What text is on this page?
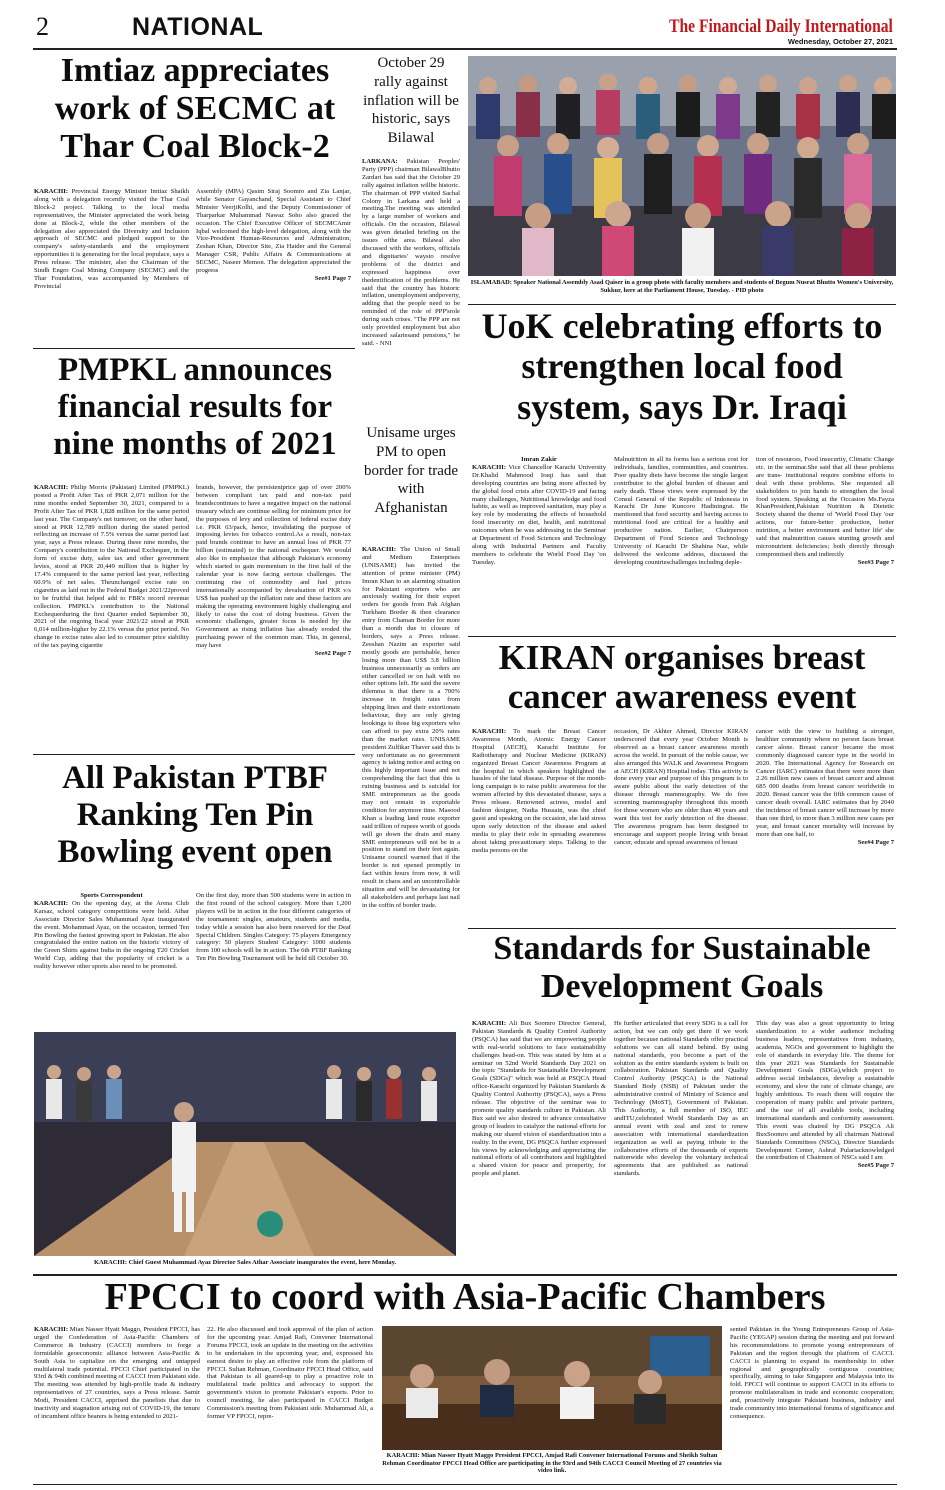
2	NATIONAL	The Financial Daily International
Wednesday, October 27, 2021
Imtiaz appreciates work of SECMC at Thar Coal Block-2
KARACHI: Provincial Energy Minister Imtiaz Shaikh along with a delegation recently visited the Thar Coal Block-2 project. Talking to the local media representatives, the Minister appreciated the work being done at Block-2, while the other members of the delegation also appreciated the Diversity and Inclusion approach of SECMC and pledged support to the company's safety-standards and the employment opportunities it is generating for the local populace, says a Press release. The minister, also the Chairman of the Sindh Engro Coal Mining Company (SECMC) and the Thar Foundation, was accompanied by Members of Provincial
Assembly (MPA) Qasim Siraj Soomro and Zia Lanjar, while Senator Gayanchand, Special Assistant to Chief Minister VeerjiKolhi, and the Deputy Commissioner of Tharparkar Muhammad Nawaz Soho also graced the occasion. The Chief Executive Officer of SECMCAmir Iqbal welcomed the high-level delegation, along with the Vice-President Human-Resources and Administration, Zeshan Khan, Director Site, Zia Haider and the General Manager CSR, Public Affairs & Communications at SECMC, Naseer Memon. The delegation appreciated the progress
See#1 Page 7
October 29 rally against inflation will be historic, says Bilawal
LARKANA: Pakistan Peoples' Party (PPP) chairman BilawalBhutto Zardari has said that the October 29 rally against inflation willbe historic. The chairman of PPP visited Sachal Colony in Larkana and held a meeting.The meeting was attended by a large number of workers and officials. On the occasion, Bilawal was given detailed briefing on the issues ofthe area. Bilawal also discussed with the workers, officials and dignitaries' waysto resolve problems of the district and expressed happiness over thedentification of the problems. He said that the country has historic inflation, unemployment andpoverty, adding that the people need to be reminded of the role of PPP'srole during such crises. "The PPP are not only provided employment but also increased salariesand pensions," he said. - NNI
Unisame urges PM to open border for trade with Afghanistan
KARACHI: The Union of Small and Medium Enterprises (UNISAME) has invited the attention of prime minister (PM) Imran Khan to an alarming situation for Pakistani exporters who are anxiously waiting for their export orders for goods from Pak Afghan Turkham Border & then clearance entry from Chaman Border for more than a month due to closure of borders, says a Press release. Zeeshan Nazim an exporter said mostly goods are perishable, hence losing more than US$ 3.8 billion business unnecessarily as orders are either cancelled or on halt with no other options left. He said the severe dilemma is that there is a 700% increase in freight rates from shipping lines and their extortionate behaviour, they are only giving bookings to those big exporters who can afford to pay extra 20% rates than the market rates. UNISAME president Zulfikar Thaver said this is very unfortunate as no government agency is taking notice and acting on this highly important issue and not comprehending the fact that this is ruining business and is suicidal for SME entrepreneurs as the goods may not remain in exportable condition for anymore time. Masood Khan a leading land route exporter said trillion of rupees worth of goods will go down the drain and many SME entrepreneurs will not be in a position to stand on their feet again. Unisame council warned that if the border is not opened promptly in fact within hours from now, it will result in chaos and an uncontrollable situation and will be devastating for all stakeholders and perhaps last nail in the coffin of border trade.
ISLAMABAD: Speaker National Assembly Asad Qaiser in a group photo with faculty members and students of Begum Nusrat Bhutto Women's University, Sukkur, here at the Parliament House, Tuesday. - PID photo
PMPKL announces financial results for nine months of 2021
KARACHI: Philip Morris (Pakistan) Limited (PMPKL) posted a Profit After Tax of PKR 2,071 million for the nine months ended September 30, 2021, compared to a Profit After Tax of PKR 1,828 million for the same period last year. The Company's net turnover, on the other hand, stood at PKR 12,789 million during the stated period reflecting an increase of 7.5% versus the same period last year, says a Press release. During these nine months, the Company's contribution to the National Exchequer, in the form of excise duty, sales tax and other government levies, stood at PKR 20,449 million that is higher by 17.4% compared to the same period last year, reflecting 60.9% of net sales. Theunchanged excise rate on cigarettes as laid out in the Federal Budget 2021/22proved to be fruitful that helped add to FBR's record revenue collection. PMPKL's contribution to the National Exchequerduring the first Quarter ended September 30, 2021 of the ongoing fiscal year 2021/22 stood at PKR 6,014 million-higher by 22.1% versus the prior period. No change in excise rates also led to consumer price stability of the tax paying cigarette
brands, however, the persistentprice gap of over 200% between compliant tax paid and non-tax paid brandscontinues to have a negative impact on the national treasury which are continue selling for minimum price for the purposes of levy and collection of federal excise duty i.e. PKR 63/pack, hence, invalidating the purpose of imposing levies for tobacco control.As a result, non-tax paid brands continue to have an annual loss of PKR 77 billion (estimated) to the national exchequer. We would also like to emphasize that although Pakistan's economy which started to gain momentum in the first half of the calendar year is now facing serious challenges. The continuing rise of commodity and fuel prices internationally accompanied by devaluation of PKR v/s US$ has pushed up the inflation rate and these factors are making the operating environment highly challenging and likely to raise the cost of doing business. Given the economic challenges, greater focus is needed by the Government as rising inflation has already eroded the purchasing power of the common man. This, in general, may have
See#2 Page 7
All Pakistan PTBF Ranking Ten Pin Bowling event open
Sports Correspondent
KARACHI: On the opening day, at the Arena Club Karsaz, school category competitions were held. Athar Associate Director Sales Muhammad Ayaz inaugurated the event. Mohammad Ayaz, on the occasion, termed Ten Pin Bowling the fastest growing sport in Pakistan. He also congratulated the entire nation on the historic victory of the Green Shirts against India in the ongoing T20 Cricket World Cup, adding that the popularity of cricket is a reality however other sports also need to be promoted.
On the first day, more than 500 students were in action in the first round of the school category. More than 1,200 players will be in action in the four different categories of the tournament: singles, amateurs, students and media, today while a session has also been reserved for the Deaf Special Children. Singles Category: 75 players Emergency category: 50 players Student Category: 1000 students from 100 schools will be in action. The 6th PTBF Ranking Ten Pin Bowling Tournament will be held till October 30.
KARACHI: Chief Guest Muhammad Ayaz Director Sales Athar Associate inaugurates the event, here Monday.
UoK celebrating efforts to strengthen local food system, says Dr. Iraqi
Imran Zakir
KARACHI: Vice Chancellor Karachi University Dr.Khalid Mahmood Iraqi has said that developing countries are being more affected by the global food crisis after COVID-19 and facing many challenges, Nutritional knowledge and food habits, as well as improved sanitation, may play a key role by moderating the effects of household food insecurity on diet, health, and nutritional outcomes when he was addressing in the Seminar at Department of Food Sciences and Technology along with Industrial Partners and Faculty members to celebrate the World Food Day 'on Tuesday.
Malnutrition in all its forms has a serious cost for individuals, families, communities, and countries. Poor quality diets have become the single largest contributor to the global burden of disease and early death. These views were expressed by the Consul General of the Republic of Indonesia in Karachi Dr June Kuncoro Hadiningrat. He mentioned that food security and having access to nutritional food are critical for a healthy and productive nation. Earlier, Chairperson Department of Food Science and Technology University of Karachi Dr Shahina Naz, while delivered the welcome address, discussed the developing countrieschallenges including deple-
tion of resources, Food insecurity, Climatic Change etc. in the seminar.She said that all these problems are trans- institutional require combine efforts to deal with these problems. She requested all stakeholders to join hands to strengthen the local food system. Speaking at the Occasion Ms.Fayza KhanPresident,Pakistan Nutrition & Dietetic Society shared the theme of 'World Food Day 'our actions, our future-better production, better nutrition, a better environment and better life' she said that malnutrition causes stunting growth and micronutrient deficiencies; both directly through compromised diets and indirectly
See#3 Page 7
KIRAN organises breast cancer awareness event
KARACHI: To mark the Breast Cancer Awareness Month, Atomic Energy Cancer Hospital (AECH), Karachi Institute for Radiotherapy and Nuclear Medicine (KIRAN) organized Breast Cancer Awareness Program at the hospital in which speakers highlighted the hassles of the fatal disease. Purpose of the month-long campaign is to raise public awareness for the women affected by this devastated disease, says a Press release. Renowned actress, model and fashion designer, Nadia Hussain, was the chief guest and speaking on the occasion, she laid stress upon early detection of the disease and asked media to play their role in spreading awareness about taking precautionary steps. Talking to the media persons on the
occasion, Dr Akhter Ahmed, Director KIRAN underscored that every year October Month is observed as a breast cancer awareness month across the world. In pursuit of the noble cause, we also arranged this WALK and Awareness Program at AECH (KIRAN) Hospital today. This activity is done every year and purpose of this program is to aware public about the early detection of the disease through mammography. We do free screening mammography throughout this month for those women who are older than 40 years and want this test for early detection of the disease. The awareness program has been designed to encourage and support people living with breast cancer, educate and spread awareness of breast
cancer with the view to building a stronger, healthier community where no person faces breast cancer alone. Breast cancer became the most commonly diagnosed cancer type in the world in 2020. The International Agency for Research on Cancer (IARC) estimates that there were more than 2.26 million new cases of breast cancer and almost 685 000 deaths from breast cancer worldwide in 2020. Breast cancer was the fifth common cause of cancer death overall. IARC estimates that by 2040 the incidence of breast cancer will increase by more than one third, to more than 3 million new cases per year, and breast cancer mortality will increase by more than one half, to
See#4 Page 7
Standards for Sustainable Development Goals
KARACHI: Ali Bux Soomro Director General, Pakistan Standards & Quality Control Authority (PSQCA) has said that we are empowering people with real-world solutions to face sustainability challenges head-on. This was stated by him at a seminar on 52nd World Standards Day 2021 on the topic "Standards for Sustainable Development Goals (SDGs)" which was held at PSQCA Head office-Karachi organized by Pakistan Standards & Quality Control Authority (PSQCA), says a Press release. The objective of the seminar was to promote quality standards culture in Pakistan. Ali Bux said we also desired to advance consultative group of leaders to catalyze the national efforts for making our shared vision of standardization into a reality. In the event, DG PSQCA further expressed his views by acknowledging and appreciating the national efforts of all contributors and highlighted a shared vision for peace and prosperity, for people and planet.
He further articulated that every SDG is a call for action, but we can only get there if we work together because national Standards offer practical solutions we can all stand behind. By using national standards, you become a part of the solution as the entire standards system is built on collaboration. Pakistan Standards and Quality Control Authority (PSQCA) is the National Standard Body (NSB) of Pakistan under the administrative control of Ministry of Science and Technology (MoST), Government of Pakistan. This Authority, a full member of ISO, IEC andITU,celebrated World Standards Day as an annual event with zeal and zest to renew association with international standardization organization as well as paying tribute to the collaborative efforts of the thousands of experts nationwide who develop the voluntary technical agreements that are published as national standards.
This day was also a great opportunity to bring standardization to a wider audience including business leaders, representatives from industry, academia, NGOs and government to highlight the role of standards in everyday life. The theme for this year 2021 was Standards for Sustainable Development Goals (SDGs),which project to address social imbalances, develop a sustainable economy, and slow the rate of climate change, are highly ambitious. To reach them will require the cooperation of many public and private partners, and the use of all available tools, including international standards and conformity assessment. This event was chaired by DG PSQCA Ali BuxSoomro and attended by all chairman National Standards Committees (NSCs), Director Standards Development Center, Ashraf Pulariacknowledged the contribution of Chairmen of NSCs said I am
See#5 Page 7
FPCCI to coord with Asia-Pacific Chambers
KARACHI: Mian Nasser Hyatt Maggo, President FPCCI, has urged the Confederation of Asia-Pacific Chambers of Commerce & Industry (CACCI) members to forge a formidable geoeconomic alliance between Asia-Pacific & South Asia to capitalize on the emerging and untapped multilateral trade potential. FPCCI Chief participated in the 93rd & 94th combined meeting of CACCI from Pakistani side. The meeting was attended by high-profile trade & industry representatives of 27 countries, says a Press release. Samir Modi, President CACCI, apprised the panelists that due to inactivity and stagnation arising out of COVID-19, the tenure of incumbent office bearers is being extended to 2021-
22. He also discussed and took approval of the plan of action for the upcoming year. Amjad Rafi, Convener International Forums FPCCI, took an update in the meeting on the activities to be undertaken in the upcoming year; and, expressed his earnest desire to play an effective role from the platform of FPCCI. Sultan Rehman, Coordinator FPCCI Head Office, said that Pakistan is all geared-up to play a proactive role in multilateral trade politics and advocacy to support the government's vision to promote Pakistan's exports. Prior to council meeting, he also participated in CACCI Budget Commission's meeting from Pakistani side. Muhammad Ali, a former VP FPCCI, repre-
KARACHI: Mian Nasser Hyatt Maggo President FPCCI, Amjad Rafi Convener International Forums and Sheikh Sultan Rehman Coordinator FPCCI Head Office are participating in the 93rd and 94th CACCI Council Meeting of 27 countries via video link.
sented Pakistan in the Young Entrepreneurs Group of Asia-Pacific (YEGAP) session during the meeting and put forward his recommendations to promote young entrepreneurs of Pakistan and the region through the platform of CACCI. CACCI is planning to expand its membership to other regional and geographically contiguous countries; specifically, aiming to take Singapore and Malaysia into its fold. FPCCI will continue to support CACCI in its efforts to promote multilateralism in trade and economic cooperation; and, proactively integrate Pakistani business, industry and trade community into international forums of significance and consequence.
